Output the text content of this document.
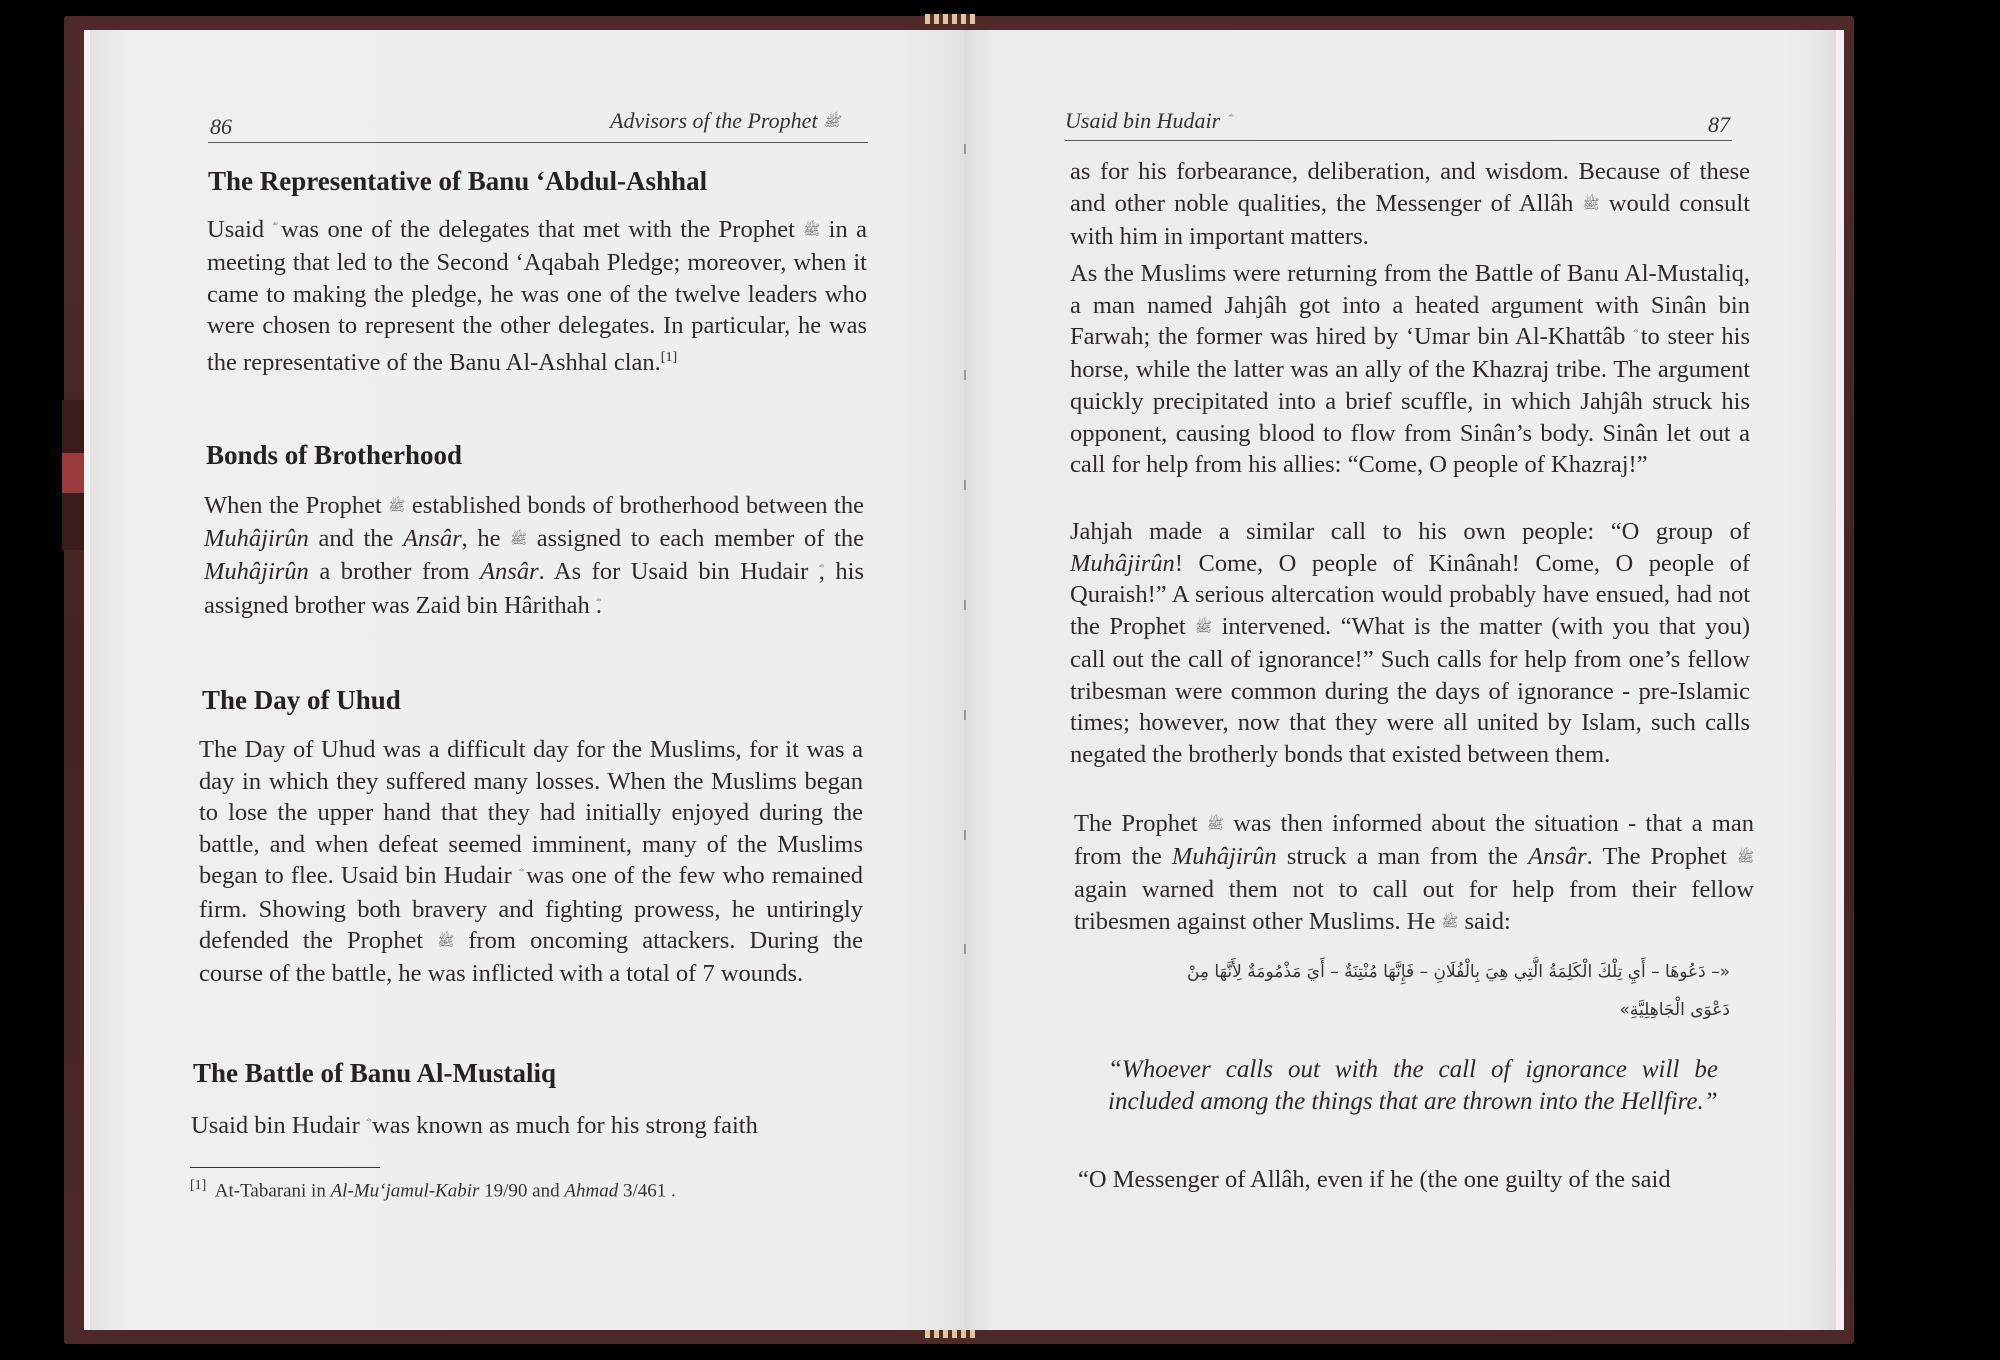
86	Advisors of the Prophet ﷺ
The Representative of Banu ‘Abdul-Ashhal
Usaid was one of the delegates that met with the Prophet ﷺ in a meeting that led to the Second ‘Aqabah Pledge; moreover, when it came to making the pledge, he was one of the twelve leaders who were chosen to represent the other delegates. In particular, he was the representative of the Banu Al-Ashhal clan.[1]
Bonds of Brotherhood
When the Prophet ﷺ established bonds of brotherhood between the Muhâjirûn and the Ansâr, he ﷺ assigned to each member of the Muhâjirûn a brother from Ansâr. As for Usaid bin Hudair , his assigned brother was Zaid bin Hârithah .
The Day of Uhud
The Day of Uhud was a difficult day for the Muslims, for it was a day in which they suffered many losses. When the Muslims began to lose the upper hand that they had initially enjoyed during the battle, and when defeat seemed imminent, many of the Muslims began to flee. Usaid bin Hudair was one of the few who remained firm. Showing both bravery and fighting prowess, he untiringly defended the Prophet ﷺ from oncoming attackers. During the course of the battle, he was inflicted with a total of 7 wounds.
The Battle of Banu Al-Mustaliq
Usaid bin Hudair was known as much for his strong faith
[1] At-Tabarani in Al-Mu‘jamul-Kabir 19/90 and Ahmad 3/461 .
Usaid bin Hudair	87
as for his forbearance, deliberation, and wisdom. Because of these and other noble qualities, the Messenger of Allâh ﷺ would consult with him in important matters.
As the Muslims were returning from the Battle of Banu Al-Mustaliq, a man named Jahjâh got into a heated argument with Sinân bin Farwah; the former was hired by ‘Umar bin Al-Khattâb to steer his horse, while the latter was an ally of the Khazraj tribe. The argument quickly precipitated into a brief scuffle, in which Jahjâh struck his opponent, causing blood to flow from Sinân’s body. Sinân let out a call for help from his allies: “Come, O people of Khazraj!”
Jahjah made a similar call to his own people: “O group of Muhâjirûn! Come, O people of Kinânah! Come, O people of Quraish!” A serious altercation would probably have ensued, had not the Prophet ﷺ intervened. “What is the matter (with you that you) call out the call of ignorance!” Such calls for help from one’s fellow tribesman were common during the days of ignorance - pre-Islamic times; however, now that they were all united by Islam, such calls negated the brotherly bonds that existed between them.
The Prophet ﷺ was then informed about the situation - that a man from the Muhâjirûn struck a man from the Ansâr. The Prophet ﷺ again warned them not to call out for help from their fellow tribesmen against other Muslims. He ﷺ said:
«– دَعُوهَا – أَيِ تِلْكَ الْكَلِمَةُ الَّتِي هِيَ بِالْفُلَانِ – فَإِنَّهَا مُنْتِنَةٌ – أَيَ مَذْمُومَةٌ لِأَنَّهَا مِنْ
دَعْوَى الْجَاهِلِيَّةِ»
“Whoever calls out with the call of ignorance will be included among the things that are thrown into the Hellfire.”
“O Messenger of Allâh, even if he (the one guilty of the said
